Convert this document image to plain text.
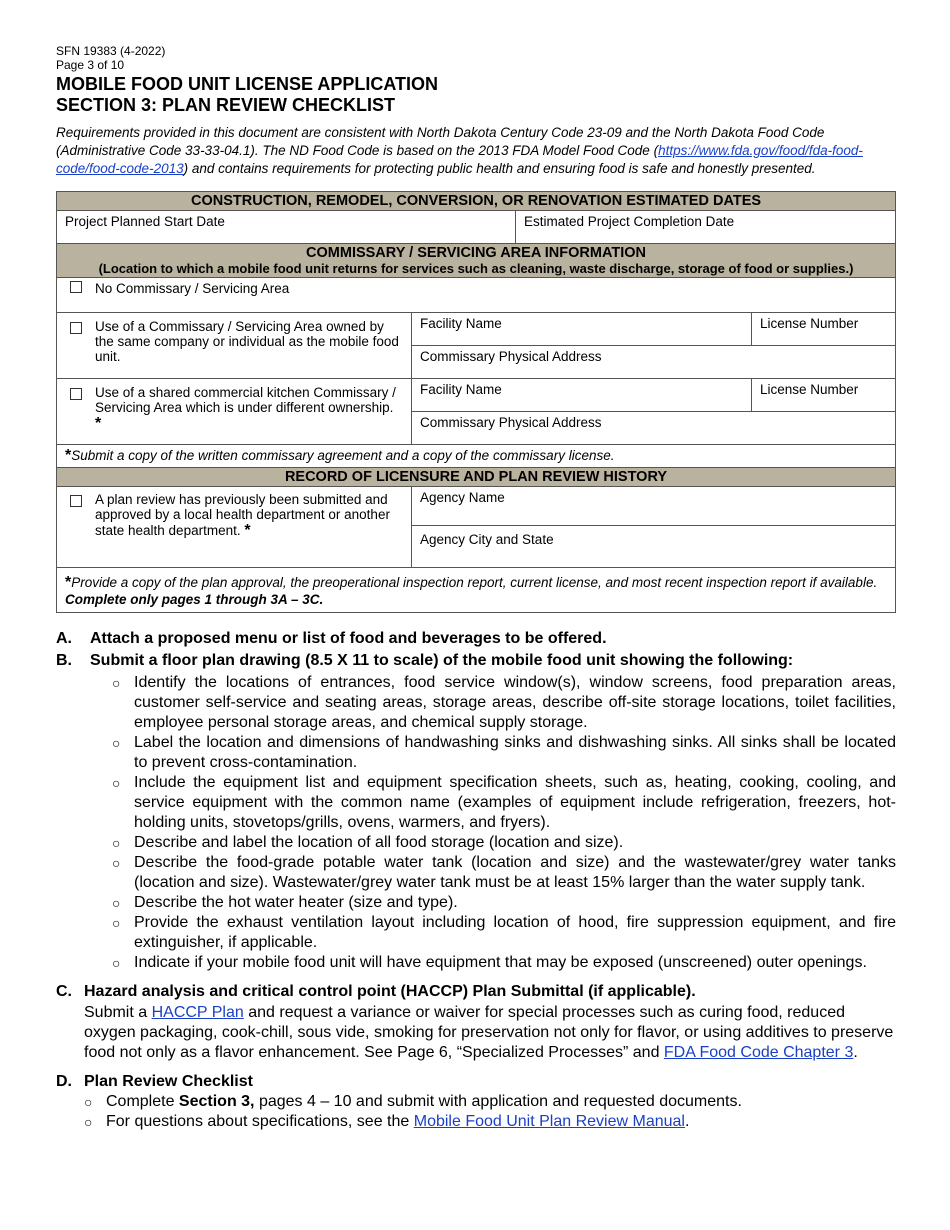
SFN 19383 (4-2022)
Page 3 of 10
MOBILE FOOD UNIT LICENSE APPLICATION
SECTION 3: PLAN REVIEW CHECKLIST
Requirements provided in this document are consistent with North Dakota Century Code 23-09 and the North Dakota Food Code (Administrative Code 33-33-04.1). The ND Food Code is based on the 2013 FDA Model Food Code (https://www.fda.gov/food/fda-food-code/food-code-2013) and contains requirements for protecting public health and ensuring food is safe and honestly presented.
CONSTRUCTION, REMODEL, CONVERSION, OR RENOVATION ESTIMATED DATES			
Project Planned Start Date		Estimated Project Completion Date	
COMMISSARY / SERVICING AREA INFORMATION
(Location to which a mobile food unit returns for services such as cleaning, waste discharge, storage of food or supplies.)			

No Commissary / Servicing Area			

Use of a Commissary / Servicing Area owned by the same company or individual as the mobile food unit.	Facility Name		License Number
	Commissary Physical Address		

Use of a shared commercial kitchen Commissary / Servicing Area which is under different ownership. *	Facility Name		License Number
	Commissary Physical Address		
*Submit a copy of the written commissary agreement and a copy of the commissary license.			
RECORD OF LICENSURE AND PLAN REVIEW HISTORY			

A plan review has previously been submitted and approved by a local health department or another state health department. *	Agency Name		
	Agency City and State		
*Provide a copy of the plan approval, the preoperational inspection report, current license, and most recent inspection report if available. Complete only pages 1 through 3A – 3C.			
A. Attach a proposed menu or list of food and beverages to be offered.
B. Submit a floor plan drawing (8.5 X 11 to scale) of the mobile food unit showing the following:
○ Identify the locations of entrances, food service window(s), window screens, food preparation areas, customer self-service and seating areas, storage areas, describe off-site storage locations, toilet facilities, employee personal storage areas, and chemical supply storage.
○ Label the location and dimensions of handwashing sinks and dishwashing sinks. All sinks shall be located to prevent cross-contamination.
○ Include the equipment list and equipment specification sheets, such as, heating, cooking, cooling, and service equipment with the common name (examples of equipment include refrigeration, freezers, hot-holding units, stovetops/grills, ovens, warmers, and fryers).
○ Describe and label the location of all food storage (location and size).
○ Describe the food-grade potable water tank (location and size) and the wastewater/grey water tanks (location and size). Wastewater/grey water tank must be at least 15% larger than the water supply tank.
○ Describe the hot water heater (size and type).
○ Provide the exhaust ventilation layout including location of hood, fire suppression equipment, and fire extinguisher, if applicable.
○ Indicate if your mobile food unit will have equipment that may be exposed (unscreened) outer openings.
C. Hazard analysis and critical control point (HACCP) Plan Submittal (if applicable).
Submit a HACCP Plan and request a variance or waiver for special processes such as curing food, reduced oxygen packaging, cook-chill, sous vide, smoking for preservation not only for flavor, or using additives to preserve food not only as a flavor enhancement. See Page 6, “Specialized Processes” and FDA Food Code Chapter 3.
D. Plan Review Checklist
○ Complete Section 3, pages 4 – 10 and submit with application and requested documents.
○ For questions about specifications, see the Mobile Food Unit Plan Review Manual.
